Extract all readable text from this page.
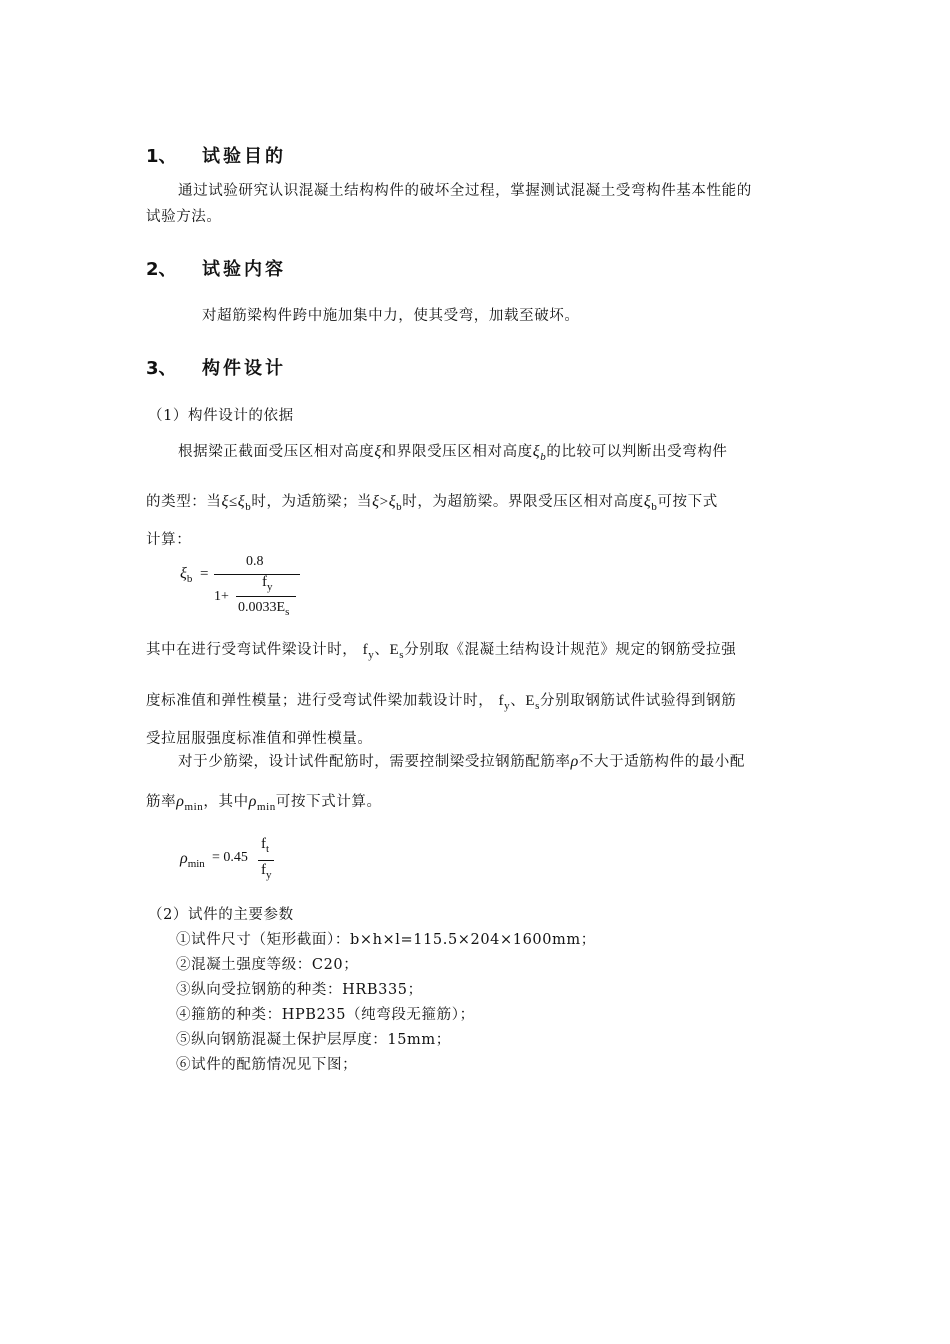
1、 试验目的
通过试验研究认识混凝土结构构件的破坏全过程，掌握测试混凝土受弯构件基本性能的
试验方法。
2、 试验内容
对超筋梁构件跨中施加集中力，使其受弯，加载至破坏。
3、 构件设计
（1）构件设计的依据
根据梁正截面受压区相对高度ξ和界限受压区相对高度$\xi_b$的比较可以判断出受弯构件
的类型：当$\xi\le\xi_b$时，为适筋梁；当$\xi>\xi_b$时，为超筋梁。界限受压区相对高度$\xi_b$可按下式
计算：
$\xi_b$ =
0.8
1+
$f_y$
$0.0033E_s$
其中在进行受弯试件梁设计时， $f_y$、$E_s$分别取《混凝土结构设计规范》规定的钢筋受拉强
度标准值和弹性模量；进行受弯试件梁加载设计时， $f_y$、$E_s$分别取钢筋试件试验得到钢筋
受拉屈服强度标准值和弹性模量。
对于少筋梁，设计试件配筋时，需要控制梁受拉钢筋配筋率ρ不大于适筋构件的最小配
筋率$\rho_{min}$，其中$\rho_{min}$可按下式计算。
$\rho_{min} = 0.45$
$f_t$
$f_y$
（2）试件的主要参数
①试件尺寸（矩形截面）：b×h×l=115.5×204×1600mm；
②混凝土强度等级：C20；
③纵向受拉钢筋的种类：HRB335；
④箍筋的种类：HPB235（纯弯段无箍筋）；
⑤纵向钢筋混凝土保护层厚度：15mm；
⑥试件的配筋情况见下图；
